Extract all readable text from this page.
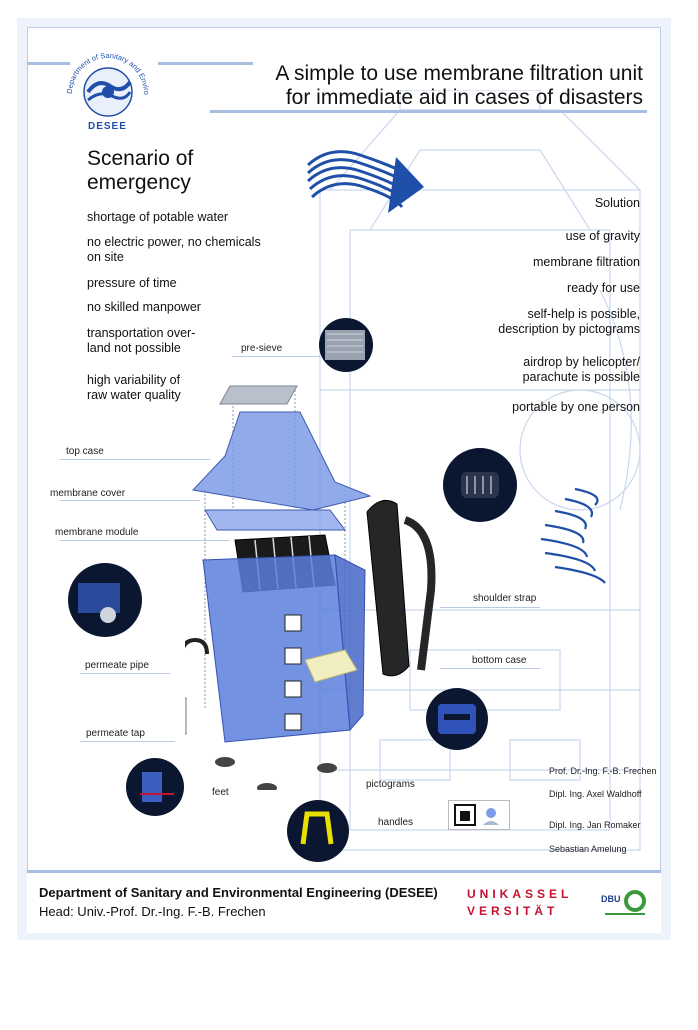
Department of Sanitary and Enviro
DESEE
A simple to use membrane filtration unit
for immediate aid in cases of disasters
Scenario of
emergency
shortage of potable water
no electric power, no chemicals
on site
pressure of time
no skilled manpower
transportation over-
land not possible
high variability of
raw water quality
Solution
use of gravity
membrane filtration
ready for use
self-help is possible,
description by pictograms
airdrop by helicopter/
parachute is possible
portable by one person
pre-sieve
top case
membrane cover
membrane module
shoulder strap
permeate pipe	bottom case
permeate tap
feet
pictograms
handles
Prof. Dr.-Ing. F.-B. Frechen
Dipl. Ing. Axel Waldhoff
Dipl. Ing. Jan Romaker
Sebastian Amelung
Department of Sanitary and Environmental Engineering (DESEE)
Head: Univ.-Prof. Dr.-Ing. F.-B. Frechen
UNIKASSEL
VERSITÄT
DBU
